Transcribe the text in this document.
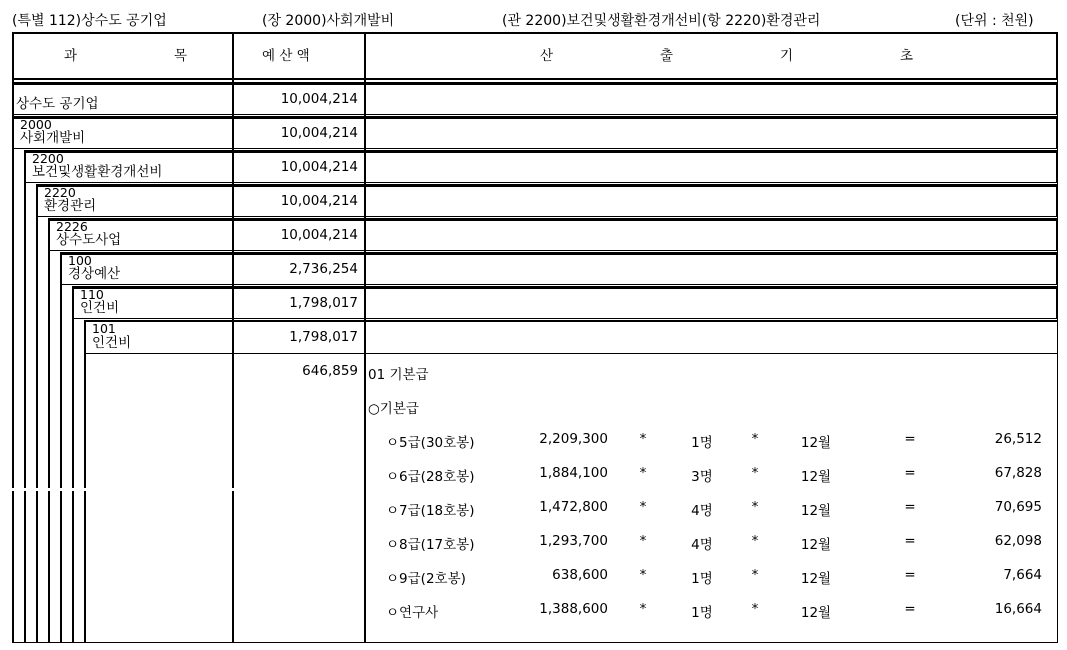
(특별 112)상수도 공기업	(장 2000)사회개발비	(관 2200)보건및생활환경개선비(항 2220)환경관리	(단위 : 천원)
과	목	예 산 액	산	출	기	초
상수도 공기업	10,004,214
2000
사회개발비	10,004,214
2200
보건및생활환경개선비	10,004,214
2220
환경관리	10,004,214
2226
상수도사업	10,004,214
100
경상예산	2,736,254
110
인건비	1,798,017
101
인건비	1,798,017
646,859 01 기본급
○기본급
ㅇ5급(30호봉)	2,209,300 *	1명	*	12월	=	26,512
ㅇ6급(28호봉)	1,884,100 *	3명	*	12월	=	67,828
ㅇ7급(18호봉)	1,472,800 *	4명	*	12월	=	70,695
ㅇ8급(17호봉)	1,293,700 *	4명	*	12월	=	62,098
ㅇ9급(2호봉)	638,600 *	1명	*	12월	=	7,664
ㅇ연구사	1,388,600 *	1명	*	12월	=	16,664
